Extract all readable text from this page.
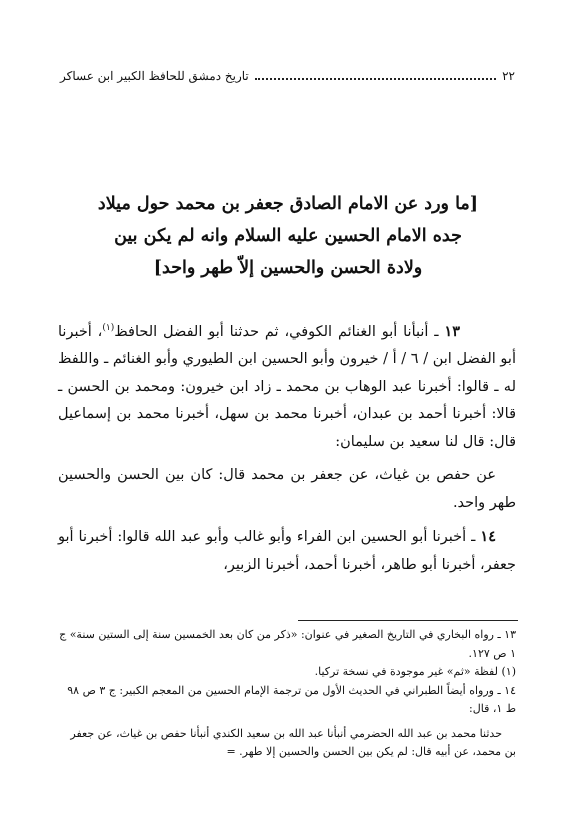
٢٢
تاريخ دمشق للحافظ الكبير ابن عساكر
[ما ورد عن الامام الصادق جعفر بن محمد حول ميلاد
جده الامام الحسين عليه السلام وانه لم يكن بين
ولادة الحسن والحسين إلاّ طهر واحد]

١٣ ـ أنبأنا أبو الغنائم الكوفي، ثم حدثنا أبو الفضل الحافظ$^{(١)}$، أخبرنا أبو الفضل ابن / ٦ / أ / خيرون وأبو الحسين ابن الطيوري وأبو الغنائم ـ واللفظ له ـ قالوا: أخبرنا عبد الوهاب بن محمد ـ زاد ابن خيرون: ومحمد بن الحسن ـ قالا: أخبرنا أحمد بن عبدان، أخبرنا محمد بن سهل، أخبرنا محمد بن إسماعيل قال: قال لنا سعيد بن سليمان:

عن حفص بن غياث، عن جعفر بن محمد قال: كان بين الحسن والحسين طهر واحد.

١٤ ـ أخبرنا أبو الحسين ابن الفراء وأبو غالب وأبو عبد الله قالوا: أخبرنا أبو جعفر، أخبرنا أبو طاهر، أخبرنا أحمد، أخبرنا الزبير،

١٣ ـ رواه البخاري في التاريخ الصغير في عنوان: «ذكر من كان بعد الخمسين سنة إلى الستين سنة» ج ١ ص ١٢٧.

(١) لفظة «ثم» غير موجودة في نسخة تركيا.

١٤ ـ ورواه أيضاً الطبراني في الحديث الأول من ترجمة الإمام الحسين من المعجم الكبير: ج ٣ ص ٩٨ ط ١، قال:

حدثنا محمد بن عبد الله الحضرمي أنبأنا عبد الله بن سعيد الكندي أنبأنا حفص بن غياث، عن جعفر بن محمد، عن أبيه قال: لم يكن بين الحسن والحسين إلا طهر. =
